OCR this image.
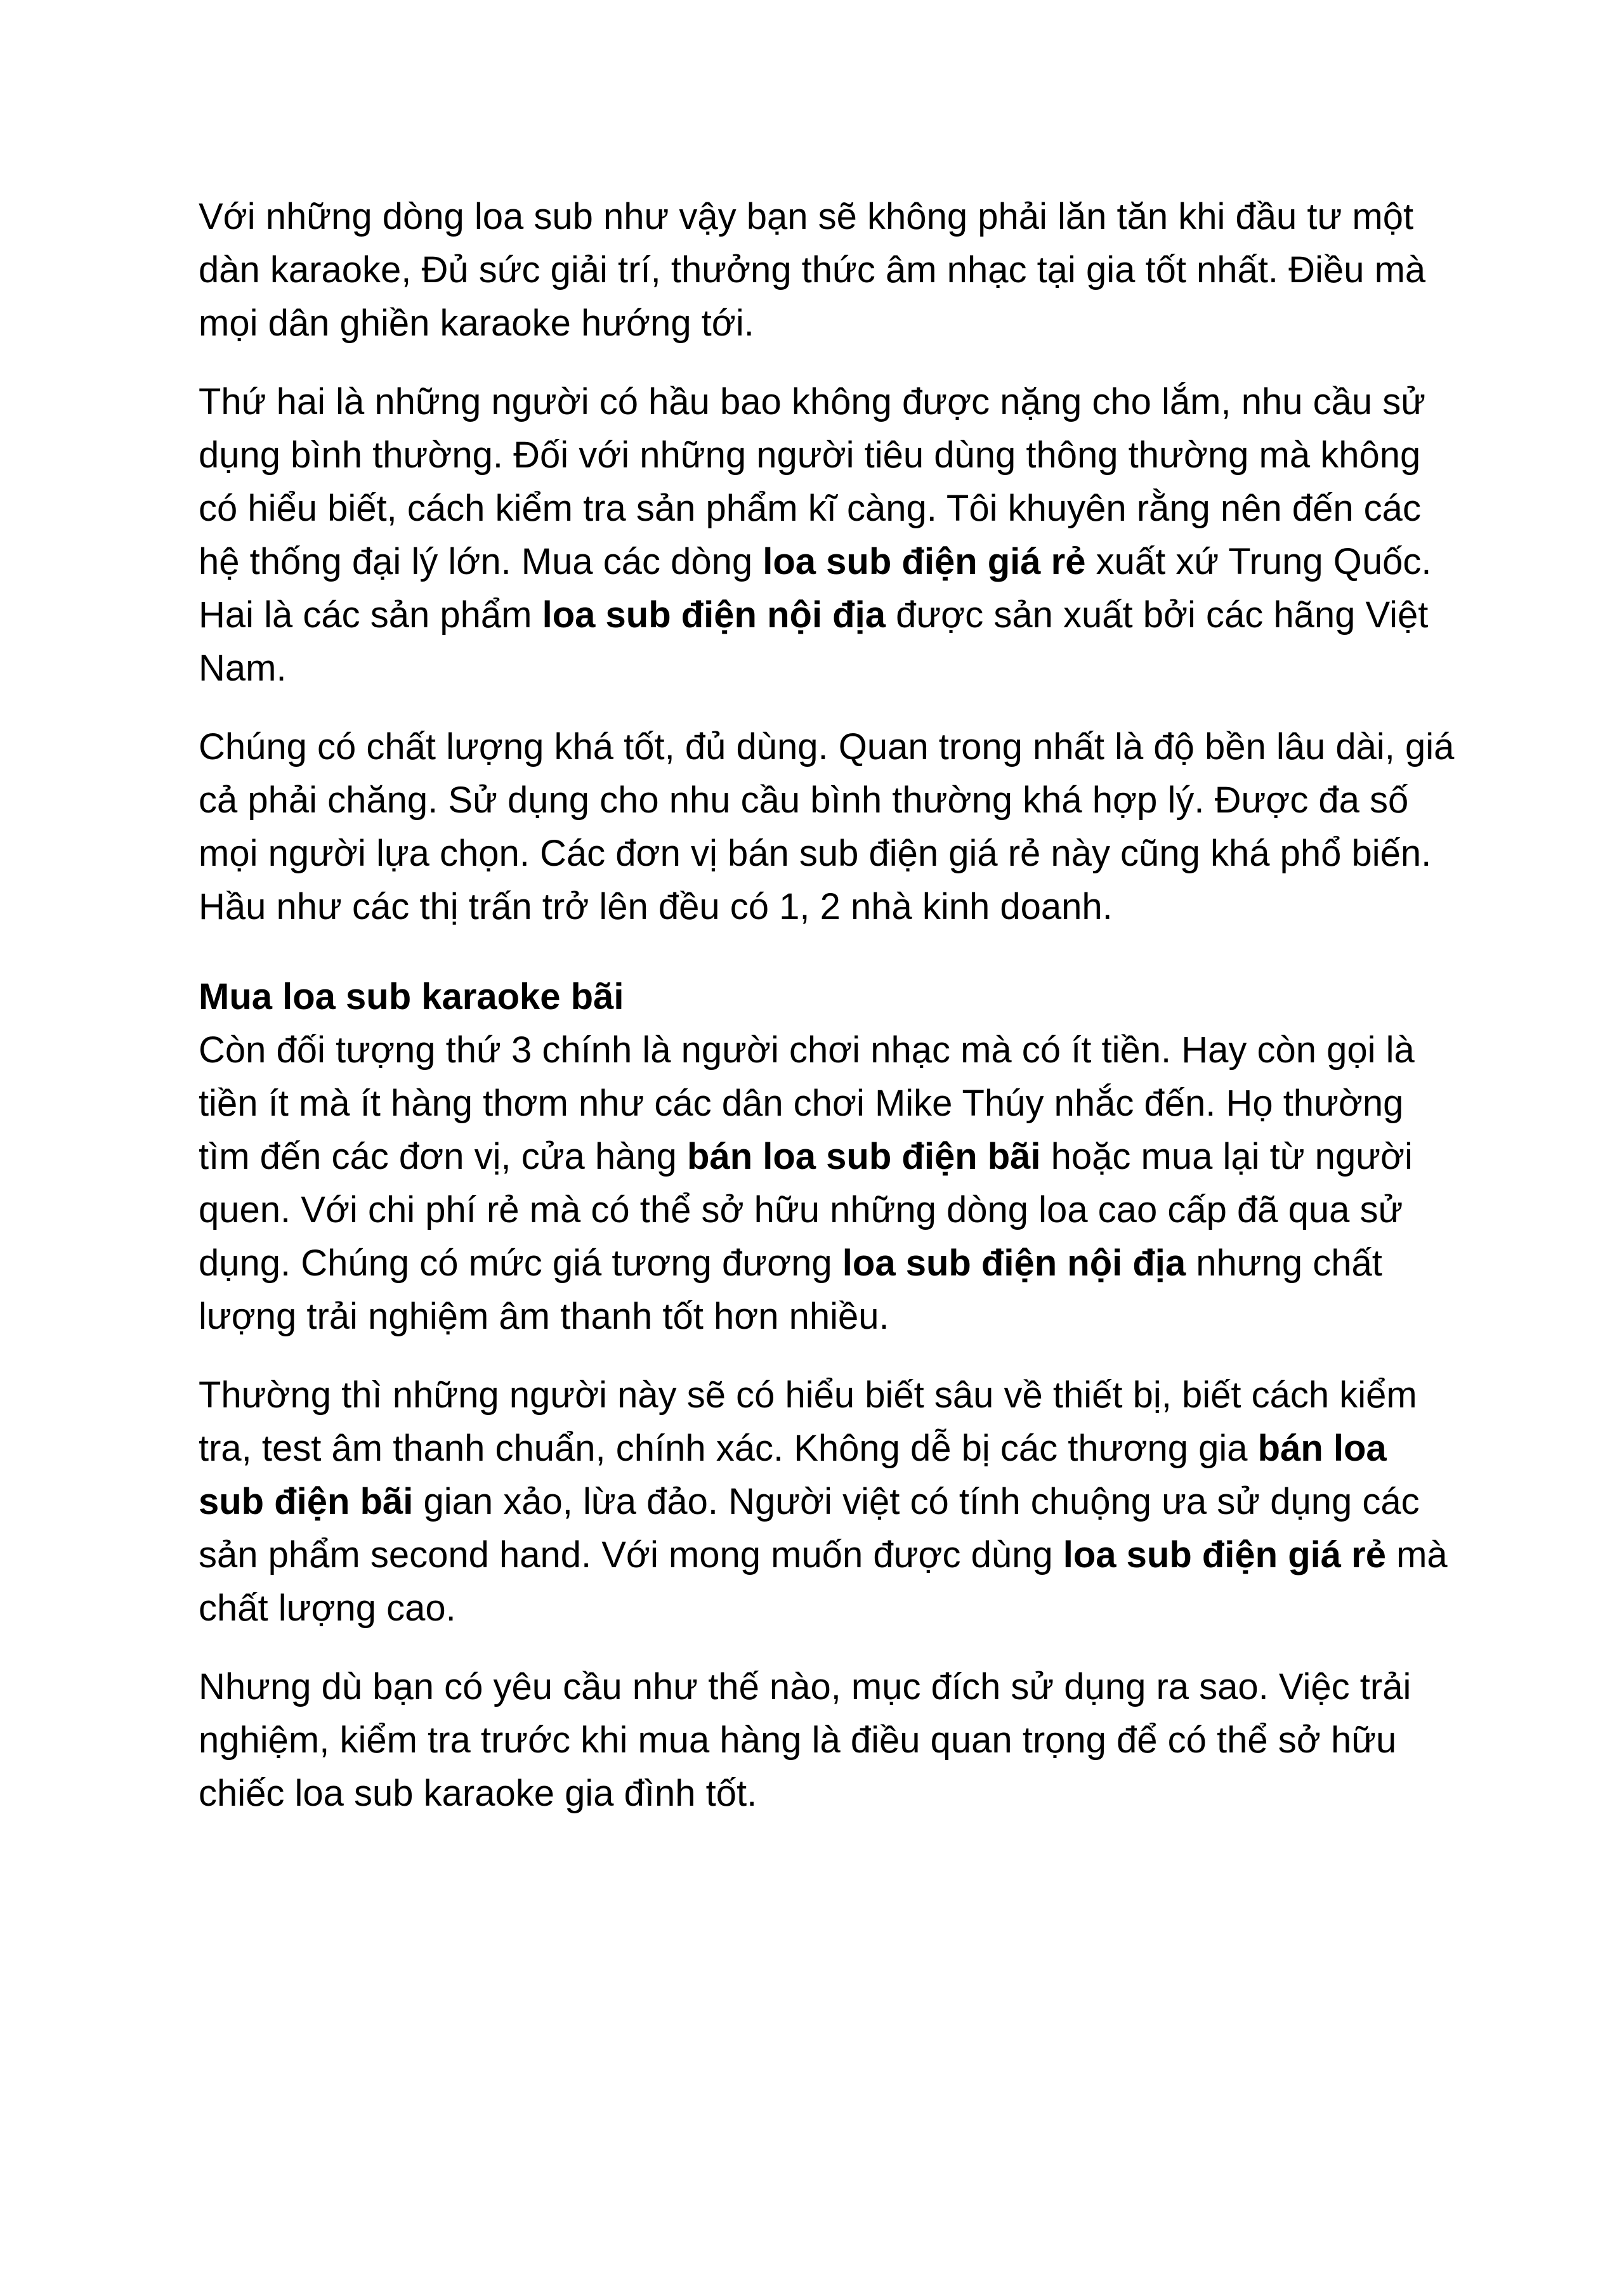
Với những dòng loa sub như vậy bạn sẽ không phải lăn tăn khi đầu tư một dàn karaoke, Đủ sức giải trí, thưởng thức âm nhạc tại gia tốt nhất. Điều mà mọi dân ghiền karaoke hướng tới.

Thứ hai là những người có hầu bao không được nặng cho lắm, nhu cầu sử dụng bình thường. Đối với những người tiêu dùng thông thường mà không có hiểu biết, cách kiểm tra sản phẩm kĩ càng. Tôi khuyên rằng nên đến các hệ thống đại lý lớn. Mua các dòng loa sub điện giá rẻ xuất xứ Trung Quốc. Hai là các sản phẩm loa sub điện nội địa được sản xuất bởi các hãng Việt Nam.

Chúng có chất lượng khá tốt, đủ dùng. Quan trong nhất là độ bền lâu dài, giá cả phải chăng. Sử dụng cho nhu cầu bình thường khá hợp lý. Được đa số mọi người lựa chọn. Các đơn vị bán sub điện giá rẻ này cũng khá phổ biến. Hầu như các thị trấn trở lên đều có 1, 2 nhà kinh doanh.

Mua loa sub karaoke bãi

Còn đối tượng thứ 3 chính là người chơi nhạc mà có ít tiền. Hay còn gọi là tiền ít mà ít hàng thơm như các dân chơi Mike Thúy nhắc đến. Họ thường tìm đến các đơn vị, cửa hàng bán loa sub điện bãi hoặc mua lại từ người quen. Với chi phí rẻ mà có thể sở hữu những dòng loa cao cấp đã qua sử dụng. Chúng có mức giá tương đương loa sub điện nội địa nhưng chất lượng trải nghiệm âm thanh tốt hơn nhiều.

Thường thì những người này sẽ có hiểu biết sâu về thiết bị, biết cách kiểm tra, test âm thanh chuẩn, chính xác. Không dễ bị các thương gia bán loa sub điện bãi gian xảo, lừa đảo. Người việt có tính chuộng ưa sử dụng các sản phẩm second hand. Với mong muốn được dùng loa sub điện giá rẻ mà chất lượng cao.

Nhưng dù bạn có yêu cầu như thế nào, mục đích sử dụng ra sao. Việc trải nghiệm, kiểm tra trước khi mua hàng là điều quan trọng để có thể sở hữu chiếc loa sub karaoke gia đình tốt.
